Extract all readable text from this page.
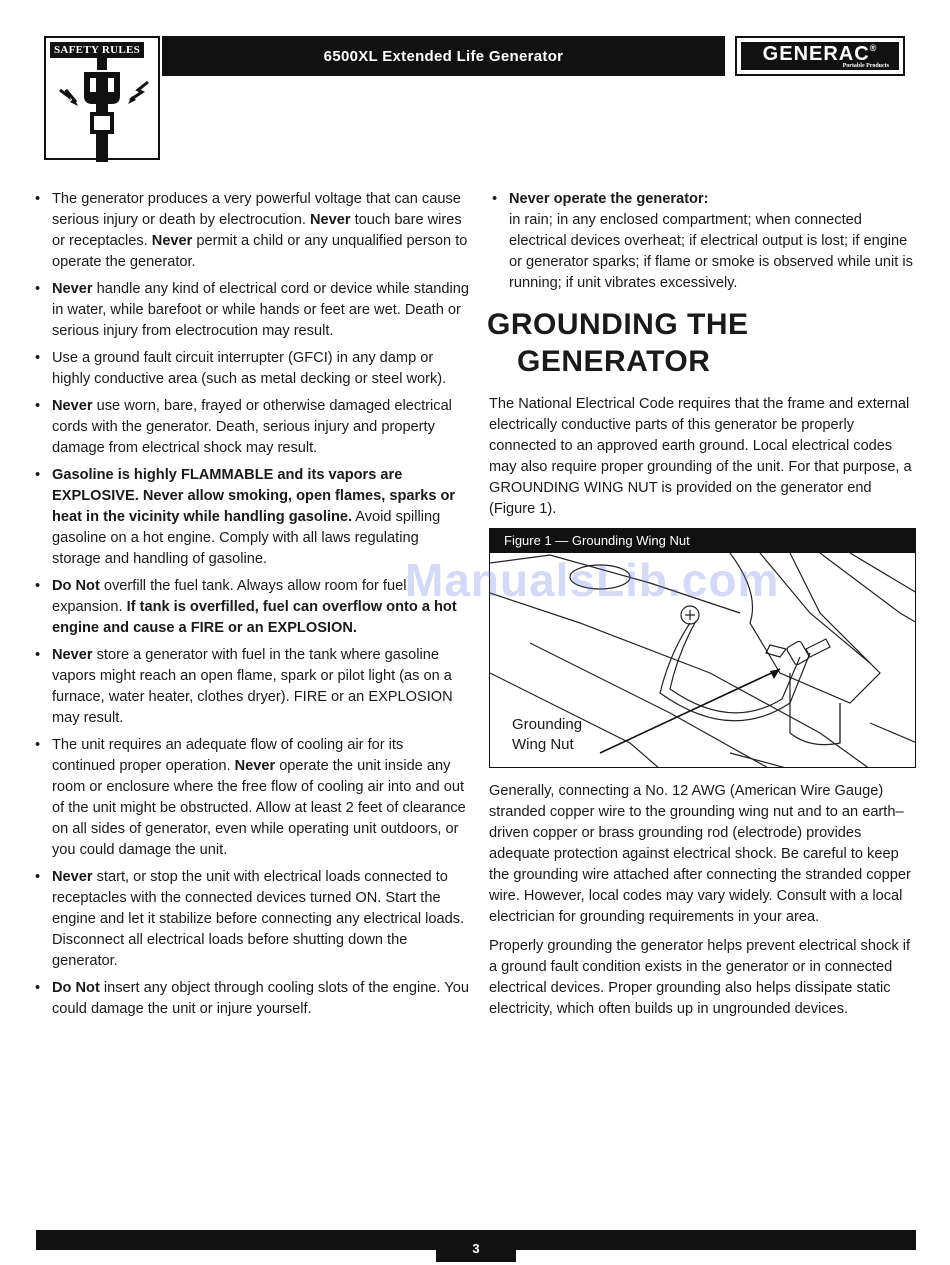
SAFETY RULES	6500XL Extended Life Generator	GENERAC®
Portable Products
• The generator produces a very powerful voltage that can cause serious injury or death by electrocution. Never touch bare wires or receptacles. Never permit a child or any unqualified person to operate the generator.
• Never handle any kind of electrical cord or device while standing in water, while barefoot or while hands or feet are wet. Death or serious injury from electrocution may result.
• Use a ground fault circuit interrupter (GFCI) in any damp or highly conductive area (such as metal decking or steel work).
• Never use worn, bare, frayed or otherwise damaged electrical cords with the generator. Death, serious injury and property damage from electrical shock may result.
• Gasoline is highly FLAMMABLE and its vapors are EXPLOSIVE. Never allow smoking, open flames, sparks or heat in the vicinity while handling gasoline. Avoid spilling gasoline on a hot engine. Comply with all laws regulating storage and handling of gasoline.
• Do Not overfill the fuel tank. Always allow room for fuel expansion. If tank is overfilled, fuel can overflow onto a hot engine and cause a FIRE or an EXPLOSION.
• Never store a generator with fuel in the tank where gasoline vapors might reach an open flame, spark or pilot light (as on a furnace, water heater, clothes dryer). FIRE or an EXPLOSION may result.
• The unit requires an adequate flow of cooling air for its continued proper operation. Never operate the unit inside any room or enclosure where the free flow of cooling air into and out of the unit might be obstructed. Allow at least 2 feet of clearance on all sides of generator, even while operating unit outdoors, or you could damage the unit.
• Never start, or stop the unit with electrical loads connected to receptacles with the connected devices turned ON. Start the engine and let it stabilize before connecting any electrical loads. Disconnect all electrical loads before shutting down the generator.
• Do Not insert any object through cooling slots of the engine. You could damage the unit or injure yourself.
• Never operate the generator:
in rain; in any enclosed compartment; when connected electrical devices overheat; if electrical output is lost; if engine or generator sparks; if flame or smoke is observed while unit is running; if unit vibrates excessively.
GROUNDING THE
GENERATOR

The National Electrical Code requires that the frame and external electrically conductive parts of this generator be properly connected to an approved earth ground. Local electrical codes may also require proper grounding of the unit. For that purpose, a GROUNDING WING NUT is provided on the generator end (Figure 1).

Figure 1 — Grounding Wing Nut
Grounding
Wing Nut

Generally, connecting a No. 12 AWG (American Wire Gauge) stranded copper wire to the grounding wing nut and to an earth–driven copper or brass grounding rod (electrode) provides adequate protection against electrical shock. Be careful to keep the grounding wire attached after connecting the stranded copper wire. However, local codes may vary widely. Consult with a local electrician for grounding requirements in your area.

Properly grounding the generator helps prevent electrical shock if a ground fault condition exists in the generator or in connected electrical devices. Proper grounding also helps dissipate static electricity, which often builds up in ungrounded devices.

ManualsLib.com
3
